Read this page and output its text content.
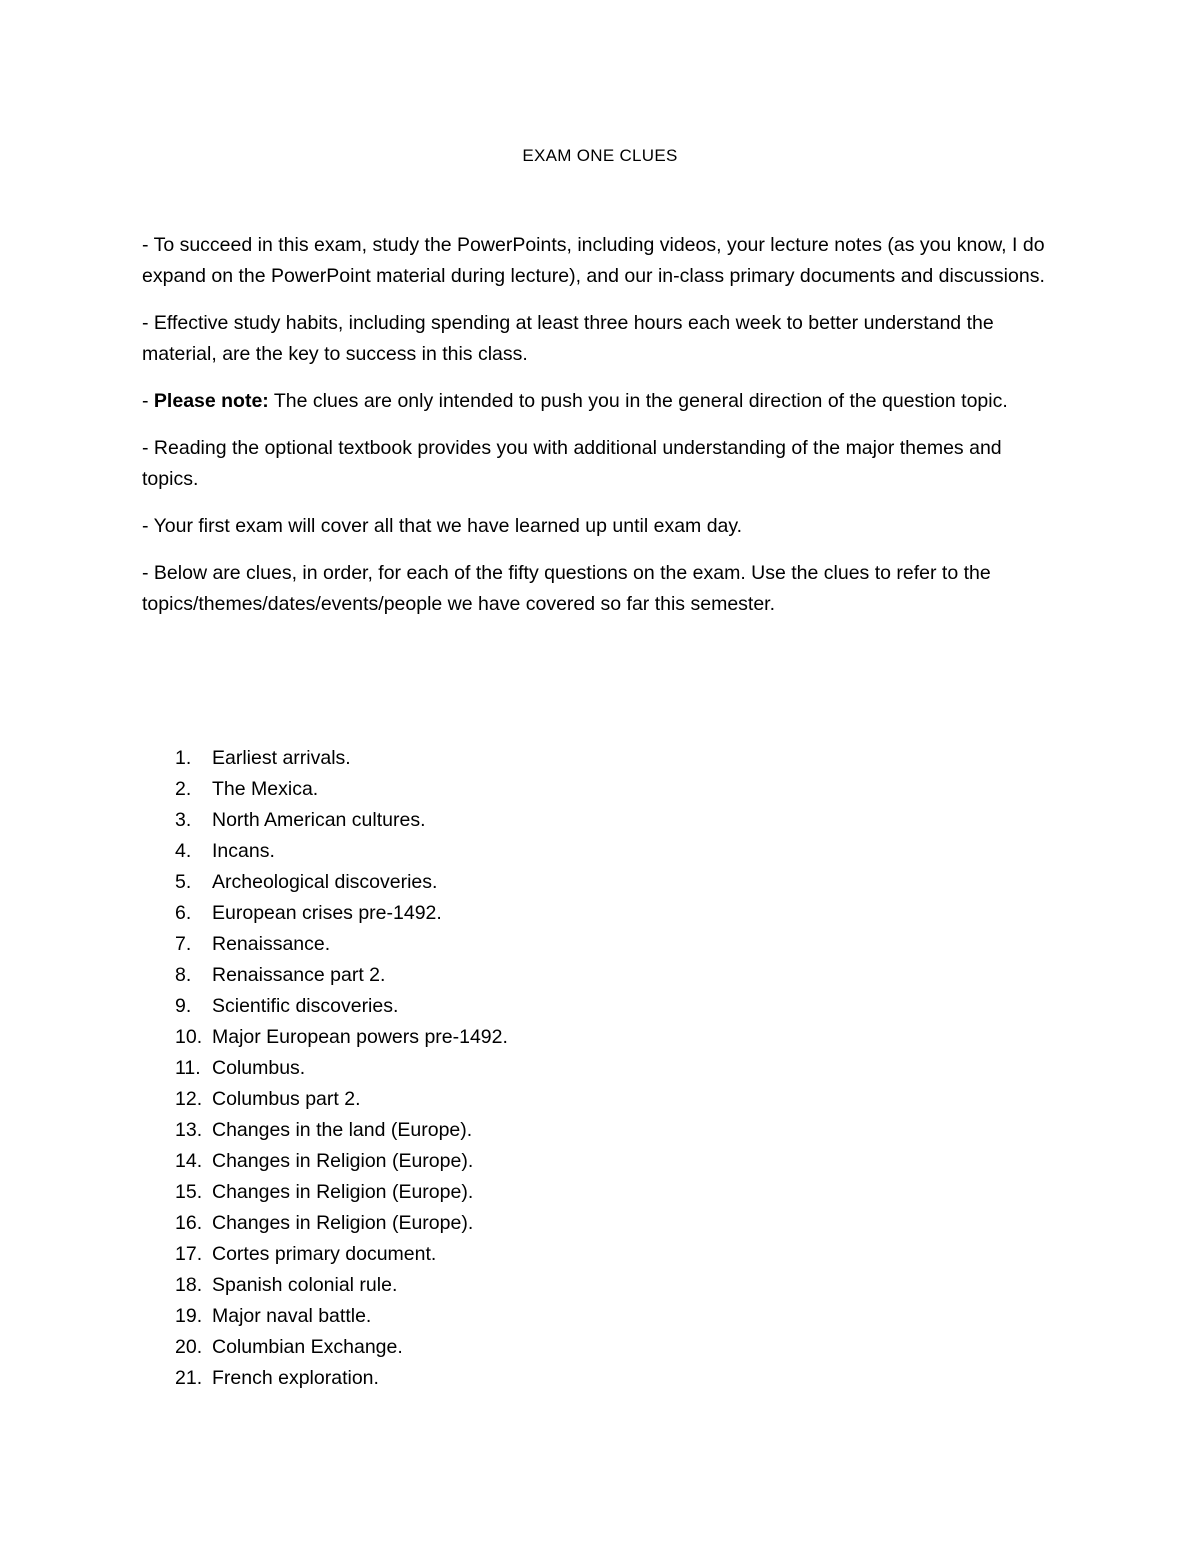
EXAM ONE CLUES

- To succeed in this exam, study the PowerPoints, including videos, your lecture notes (as you know, I do expand on the PowerPoint material during lecture), and our in-class primary documents and discussions.

- Effective study habits, including spending at least three hours each week to better understand the material, are the key to success in this class.

- Please note: The clues are only intended to push you in the general direction of the question topic.

- Reading the optional textbook provides you with additional understanding of the major themes and topics.

- Your first exam will cover all that we have learned up until exam day.

- Below are clues, in order, for each of the fifty questions on the exam. Use the clues to refer to the topics/themes/dates/events/people we have covered so far this semester.

1. Earliest arrivals.
2. The Mexica.
3. North American cultures.
4. Incans.
5. Archeological discoveries.
6. European crises pre-1492.
7. Renaissance.
8. Renaissance part 2.
9. Scientific discoveries.
10. Major European powers pre-1492.
11. Columbus.
12. Columbus part 2.
13. Changes in the land (Europe).
14. Changes in Religion (Europe).
15. Changes in Religion (Europe).
16. Changes in Religion (Europe).
17. Cortes primary document.
18. Spanish colonial rule.
19. Major naval battle.
20. Columbian Exchange.
21. French exploration.
